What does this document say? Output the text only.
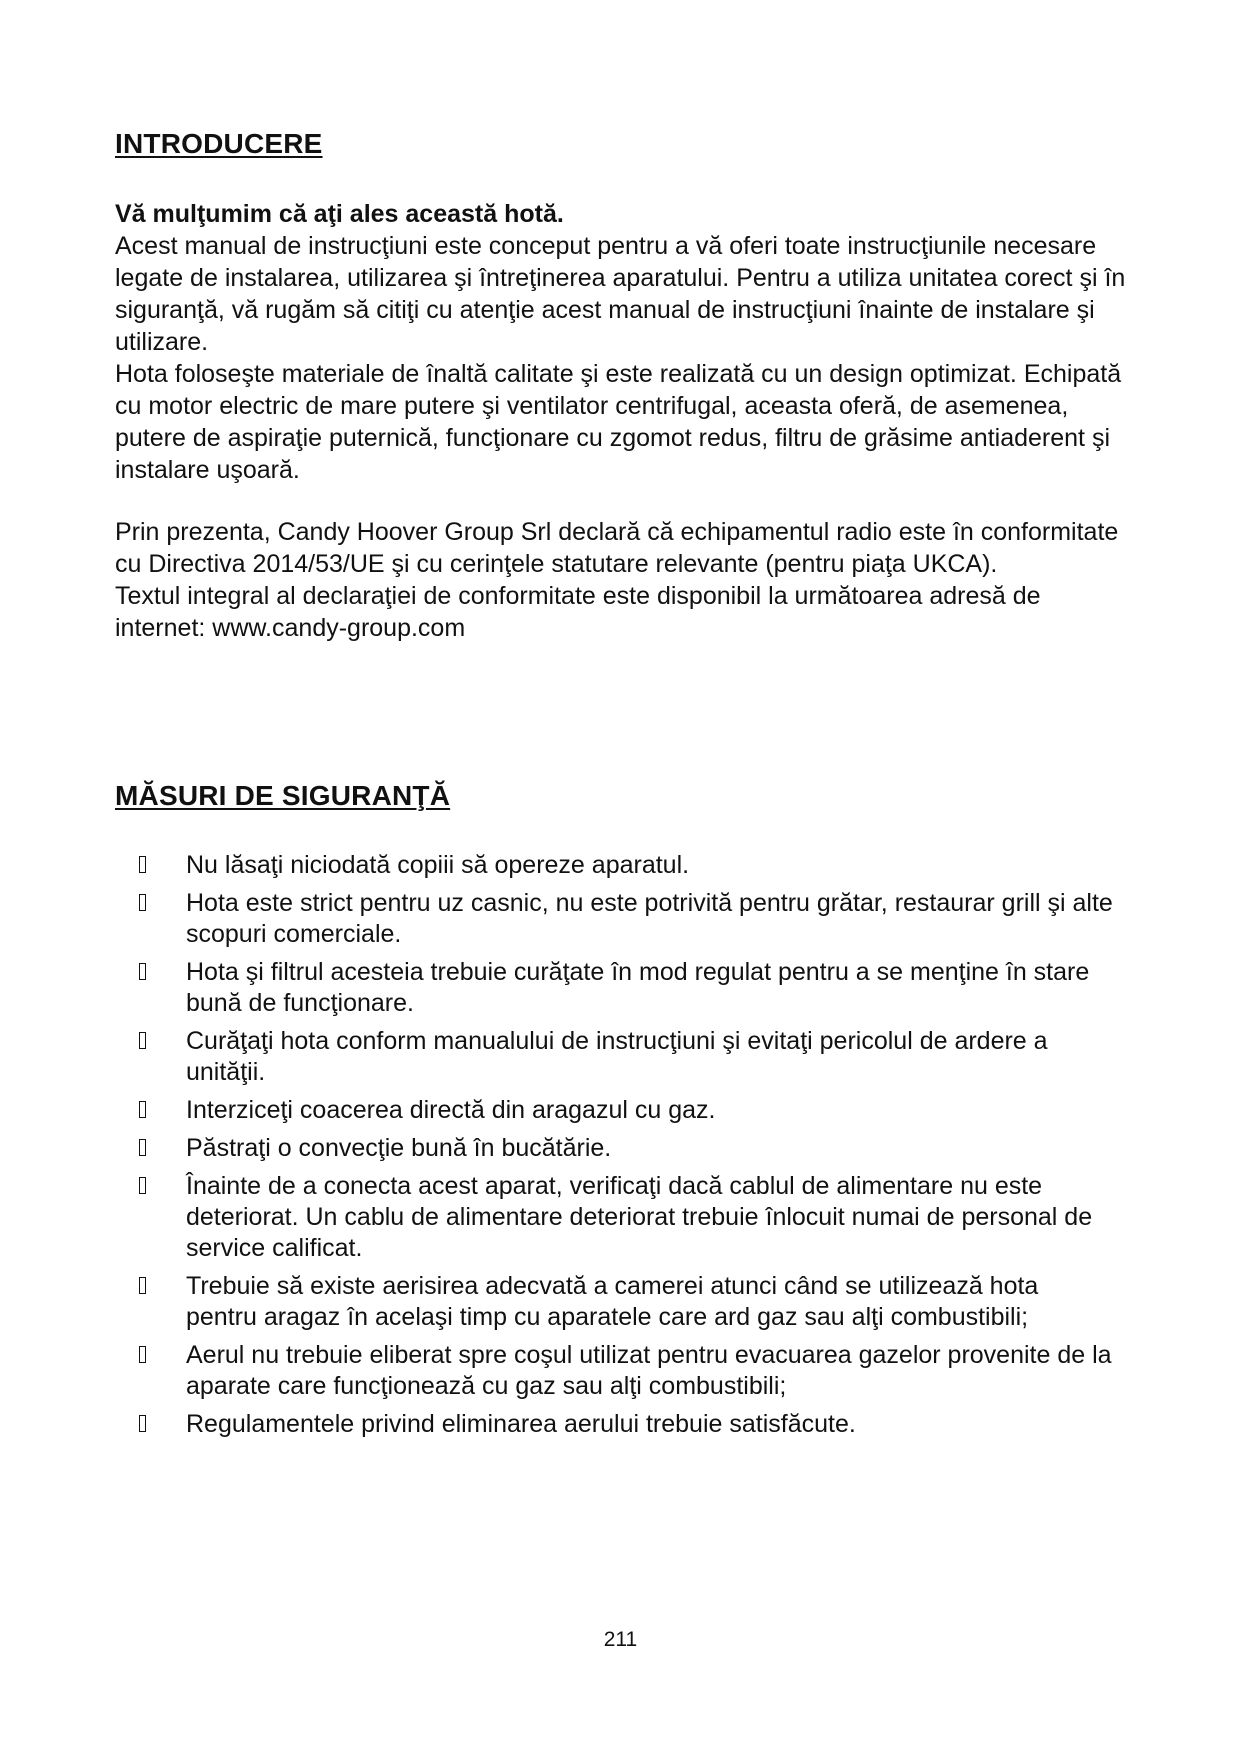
INTRODUCERE

Vă mulţumim că aţi ales această hotă.

Acest manual de instrucţiuni este conceput pentru a vă oferi toate instrucţiunile necesare legate de instalarea, utilizarea şi întreţinerea aparatului. Pentru a utiliza unitatea corect şi în siguranţă, vă rugăm să citiţi cu atenţie acest manual de instrucţiuni înainte de instalare şi utilizare.

Hota foloseşte materiale de înaltă calitate şi este realizată cu un design optimizat. Echipată cu motor electric de mare putere şi ventilator centrifugal, aceasta oferă, de asemenea, putere de aspiraţie puternică, funcţionare cu zgomot redus, filtru de grăsime antiaderent şi instalare uşoară.

Prin prezenta, Candy Hoover Group Srl declară că echipamentul radio este în conformitate cu Directiva 2014/53/UE şi cu cerinţele statutare relevante (pentru piaţa UKCA).

Textul integral al declaraţiei de conformitate este disponibil la următoarea adresă de internet: www.candy-group.com

MĂSURI DE SIGURANŢĂ
Nu lăsaţi niciodată copiii să opereze aparatul.
Hota este strict pentru uz casnic, nu este potrivită pentru grătar, restaurar grill şi alte scopuri comerciale.
Hota şi filtrul acesteia trebuie curăţate în mod regulat pentru a se menţine în stare bună de funcţionare.
Curăţaţi hota conform manualului de instrucţiuni şi evitaţi pericolul de ardere a unităţii.
Interziceţi coacerea directă din aragazul cu gaz.
Păstraţi o convecţie bună în bucătărie.
Înainte de a conecta acest aparat, verificaţi dacă cablul de alimentare nu este deteriorat. Un cablu de alimentare deteriorat trebuie înlocuit numai de personal de service calificat.
Trebuie să existe aerisirea adecvată a camerei atunci când se utilizează hota pentru aragaz în acelaşi timp cu aparatele care ard gaz sau alţi combustibili;
Aerul nu trebuie eliberat spre coşul utilizat pentru evacuarea gazelor provenite de la aparate care funcţionează cu gaz sau alţi combustibili;
Regulamentele privind eliminarea aerului trebuie satisfăcute.
211
